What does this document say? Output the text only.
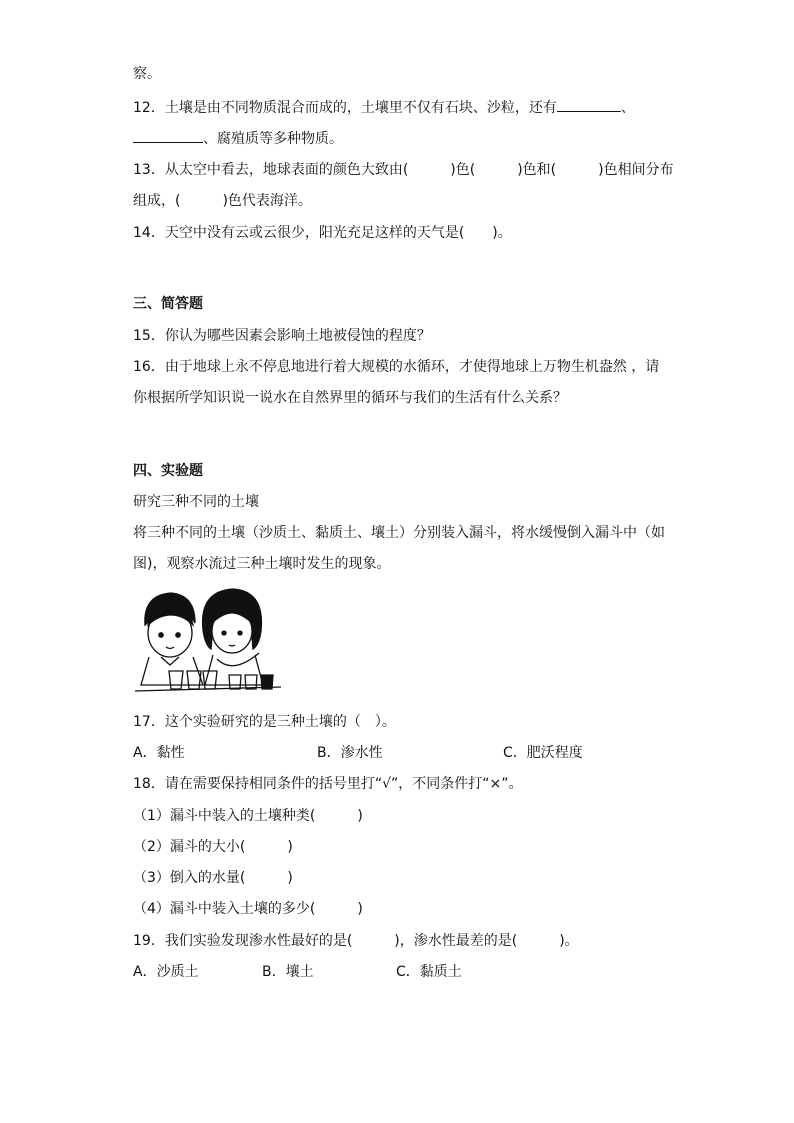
察。

12．土壤是由不同物质混合而成的，土壤里不仅有石块、沙粒，还有	、

、腐殖质等多种物质。

13．从太空中看去，地球表面的颜色大致由(　　　)色(　　　)色和(　　　)色相间分布

组成，(　　　)色代表海洋。

14．天空中没有云或云很少，阳光充足这样的天气是(　　)。

三、简答题

15．你认为哪些因素会影响土地被侵蚀的程度？

16．由于地球上永不停息地进行着大规模的水循环，才使得地球上万物生机盎然 ，请

你根据所学知识说一说水在自然界里的循环与我们的生活有什么关系？

四、实验题

研究三种不同的土壤

将三种不同的土壤（沙质土、黏质土、壤土）分别装入漏斗，将水缓慢倒入漏斗中（如

图)，观察水流过三种土壤时发生的现象。

17．这个实验研究的是三种土壤的（　）。

A．黏性	B．渗水性	C．肥沃程度

18．请在需要保持相同条件的括号里打“√”，不同条件打“×”。

（1）漏斗中装入的土壤种类(　　　)

（2）漏斗的大小(　　　)

（3）倒入的水量(　　　)

（4）漏斗中装入土壤的多少(　　　)

19．我们实验发现渗水性最好的是(　　　)，渗水性最差的是(　　　)。

A．沙质土	B．壤土	C．黏质土
